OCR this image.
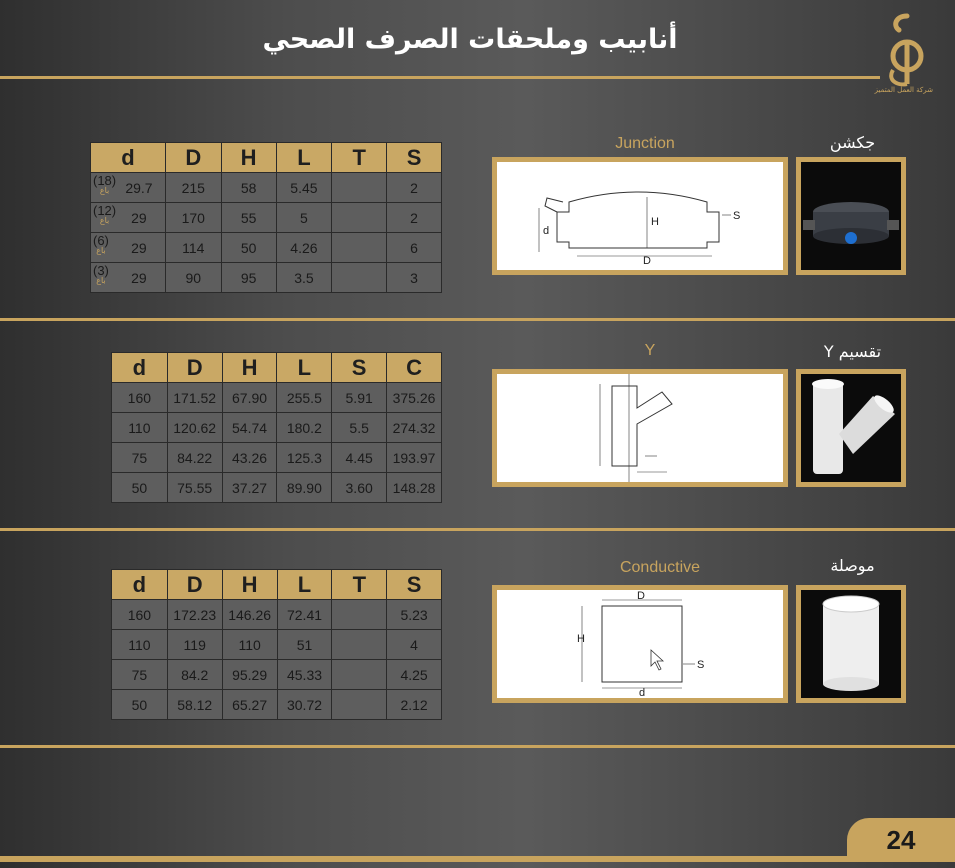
أنابيب وملحقات الصرف الصحي
شركة العمل المتميز
d	D	H	L	T	S

(18)
باع 29.7	215	58	5.45		2

(12)
باع 29	170	55	5		2

(6)
باع 29	114	50	4.26		6

(3)
باع 29	90	95	3.5		3
Junction	جكشن
H
d
S
D
d	D	H	L	S	C
160	171.52	67.90	255.5	5.91	375.26
110	120.62	54.74	180.2	5.5	274.32
75	84.22	43.26	125.3	4.45	193.97
50	75.55	37.27	89.90	3.60	148.28
Y	تقسيم Y
d	D	H	L	T	S
160	172.23	146.26	72.41		5.23
110	119	110	51		4
75	84.2	95.29	45.33		4.25
50	58.12	65.27	30.72		2.12
Conductive	موصلة
D
H
S
d
24
